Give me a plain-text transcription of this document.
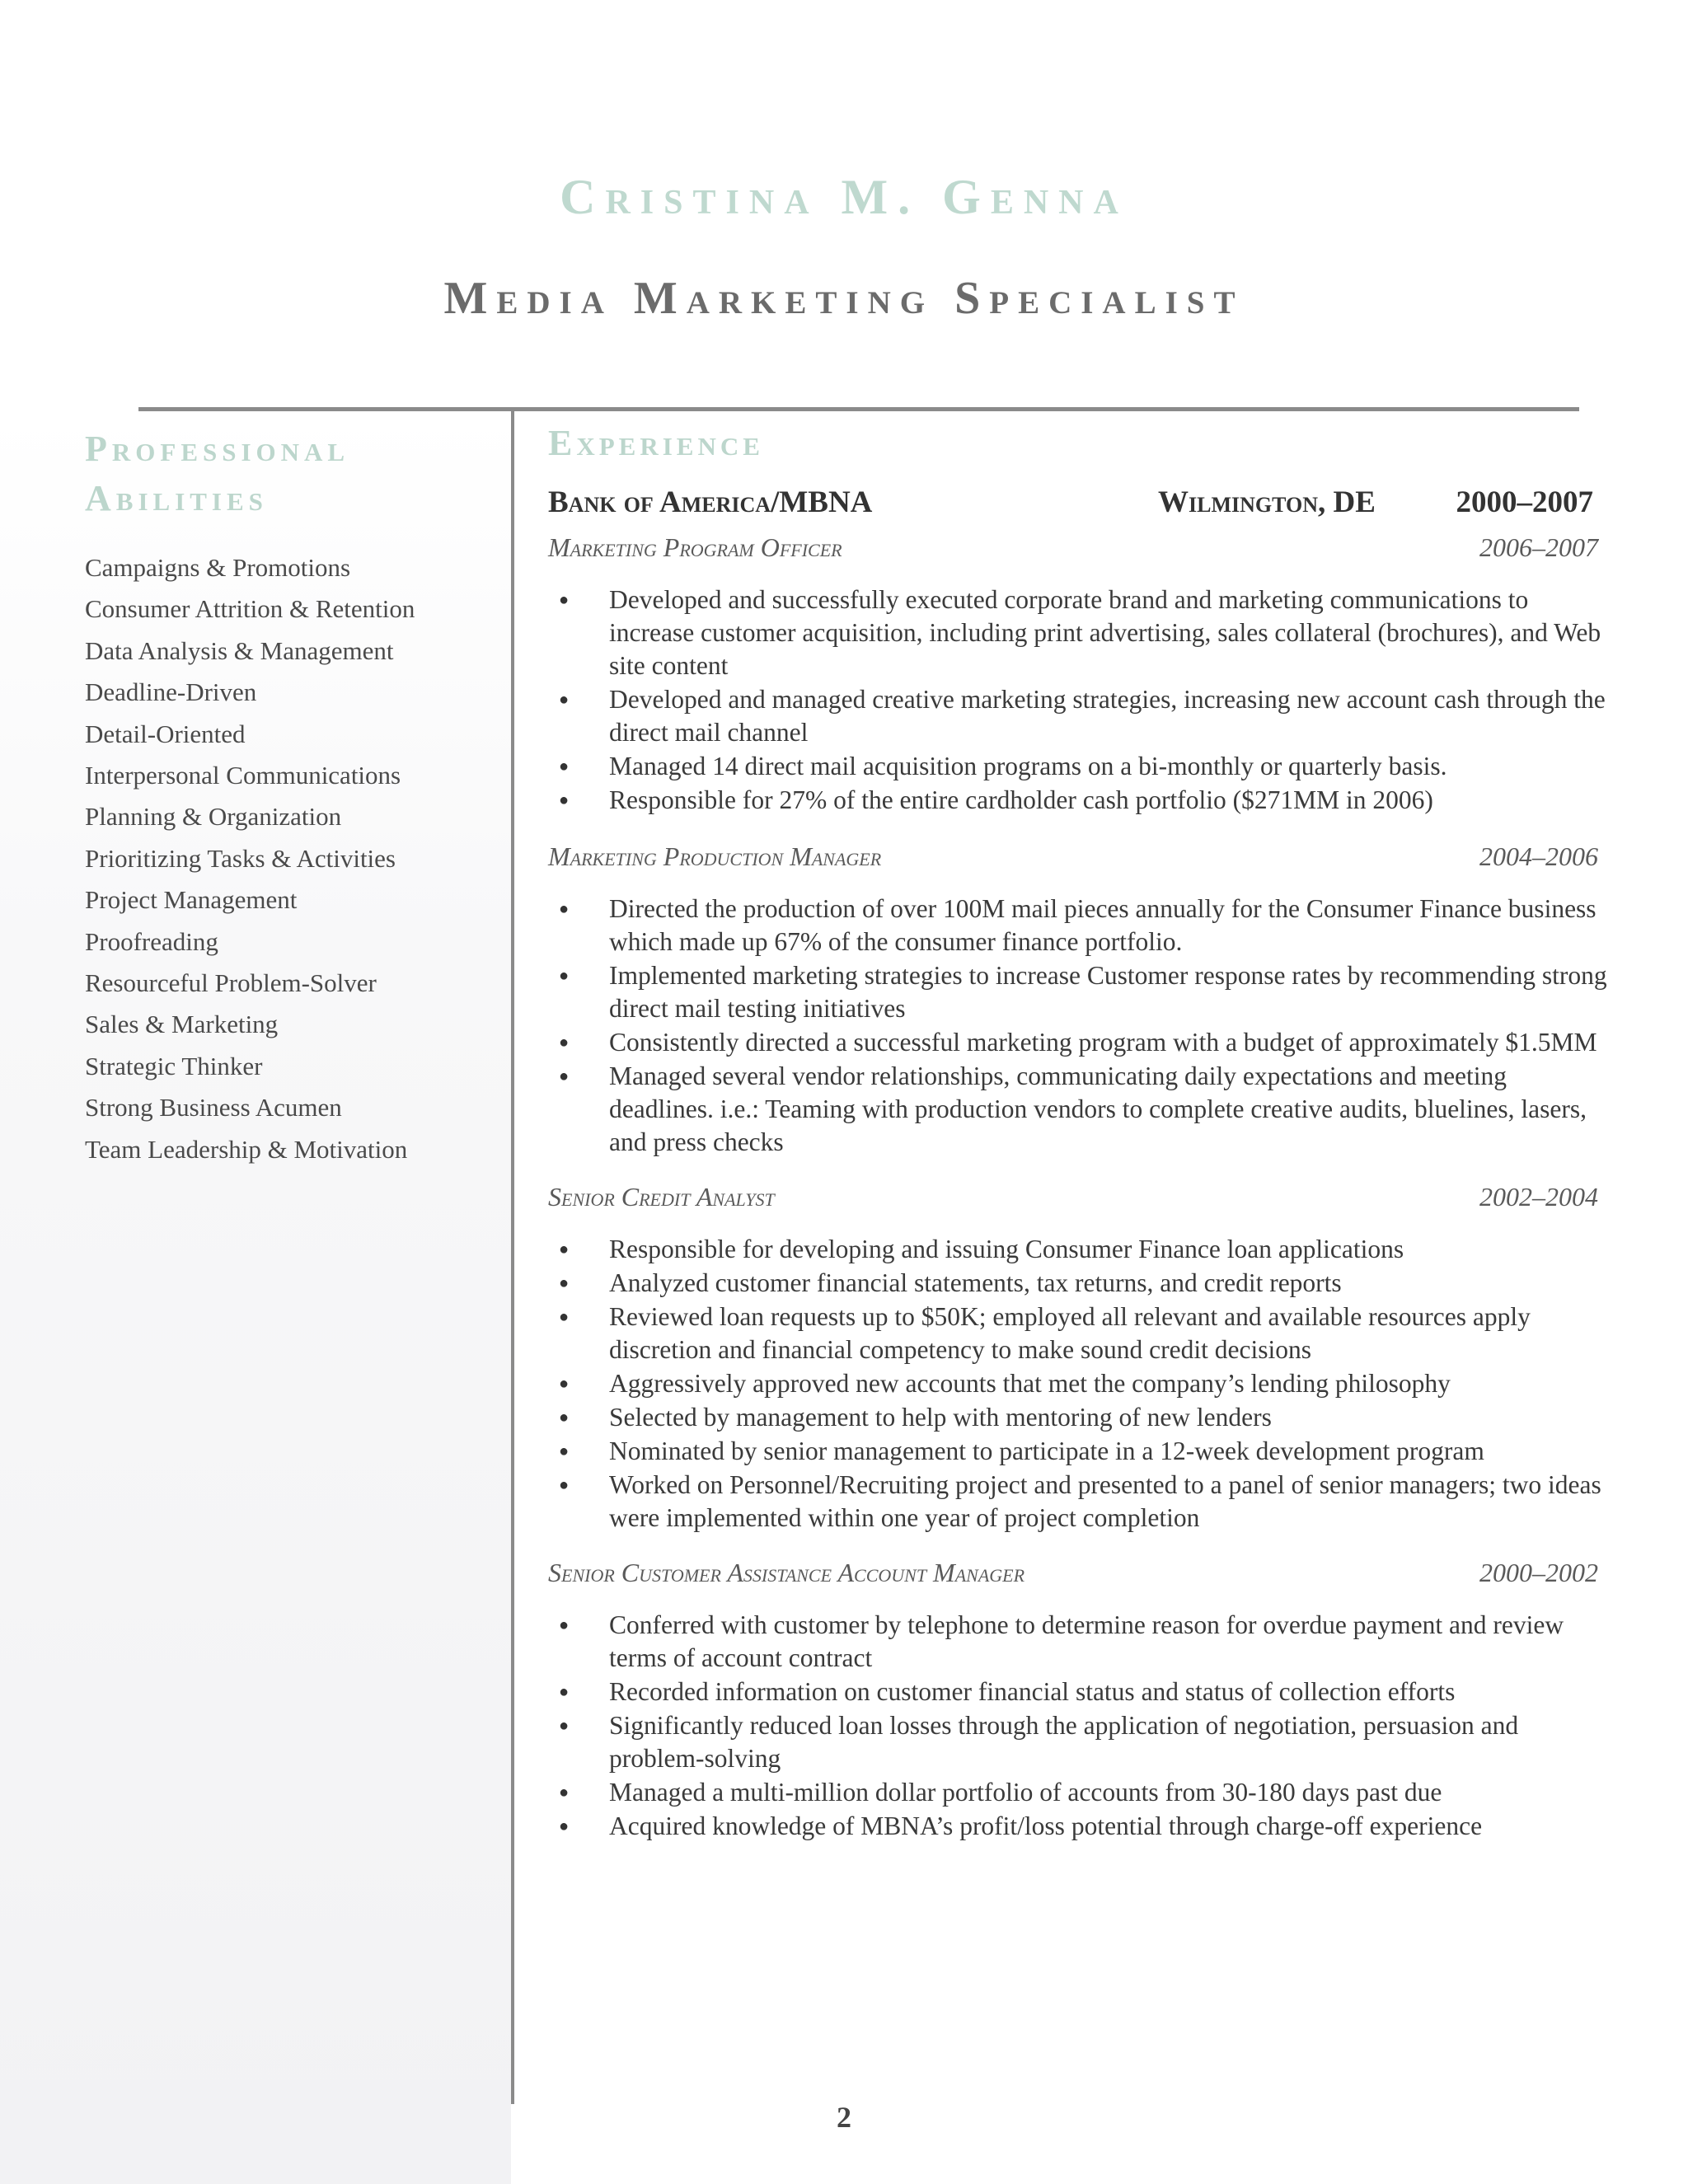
Cristina M. Genna
Media Marketing Specialist
Professional Abilities
Campaigns & Promotions
Consumer Attrition & Retention
Data Analysis & Management
Deadline-Driven
Detail-Oriented
Interpersonal Communications
Planning & Organization
Prioritizing Tasks & Activities
Project Management
Proofreading
Resourceful Problem-Solver
Sales & Marketing
Strategic Thinker
Strong Business Acumen
Team Leadership & Motivation
Experience
Bank of America/MBNA	Wilmington, DE	2000–2007
Marketing Program Officer	2006–2007
● Developed and successfully executed corporate brand and marketing communications to increase customer acquisition, including print advertising, sales collateral (brochures), and Web site content
● Developed and managed creative marketing strategies, increasing new account cash through the direct mail channel
● Managed 14 direct mail acquisition programs on a bi-monthly or quarterly basis.
● Responsible for 27% of the entire cardholder cash portfolio ($271MM in 2006)
Marketing Production Manager	2004–2006
● Directed the production of over 100M mail pieces annually for the Consumer Finance business which made up 67% of the consumer finance portfolio.
● Implemented marketing strategies to increase Customer response rates by recommending strong direct mail testing initiatives
● Consistently directed a successful marketing program with a budget of approximately $1.5MM
● Managed several vendor relationships, communicating daily expectations and meeting deadlines. i.e.: Teaming with production vendors to complete creative audits, bluelines, lasers, and press checks
Senior Credit Analyst	2002–2004
● Responsible for developing and issuing Consumer Finance loan applications
● Analyzed customer financial statements, tax returns, and credit reports
● Reviewed loan requests up to $50K; employed all relevant and available resources apply discretion and financial competency to make sound credit decisions
● Aggressively approved new accounts that met the company’s lending philosophy
● Selected by management to help with mentoring of new lenders
● Nominated by senior management to participate in a 12-week development program
● Worked on Personnel/Recruiting project and presented to a panel of senior managers; two ideas were implemented within one year of project completion
Senior Customer Assistance Account Manager	2000–2002
● Conferred with customer by telephone to determine reason for overdue payment and review terms of account contract
● Recorded information on customer financial status and status of collection efforts
● Significantly reduced loan losses through the application of negotiation, persuasion and problem-solving
● Managed a multi-million dollar portfolio of accounts from 30-180 days past due
● Acquired knowledge of MBNA’s profit/loss potential through charge-off experience
2
